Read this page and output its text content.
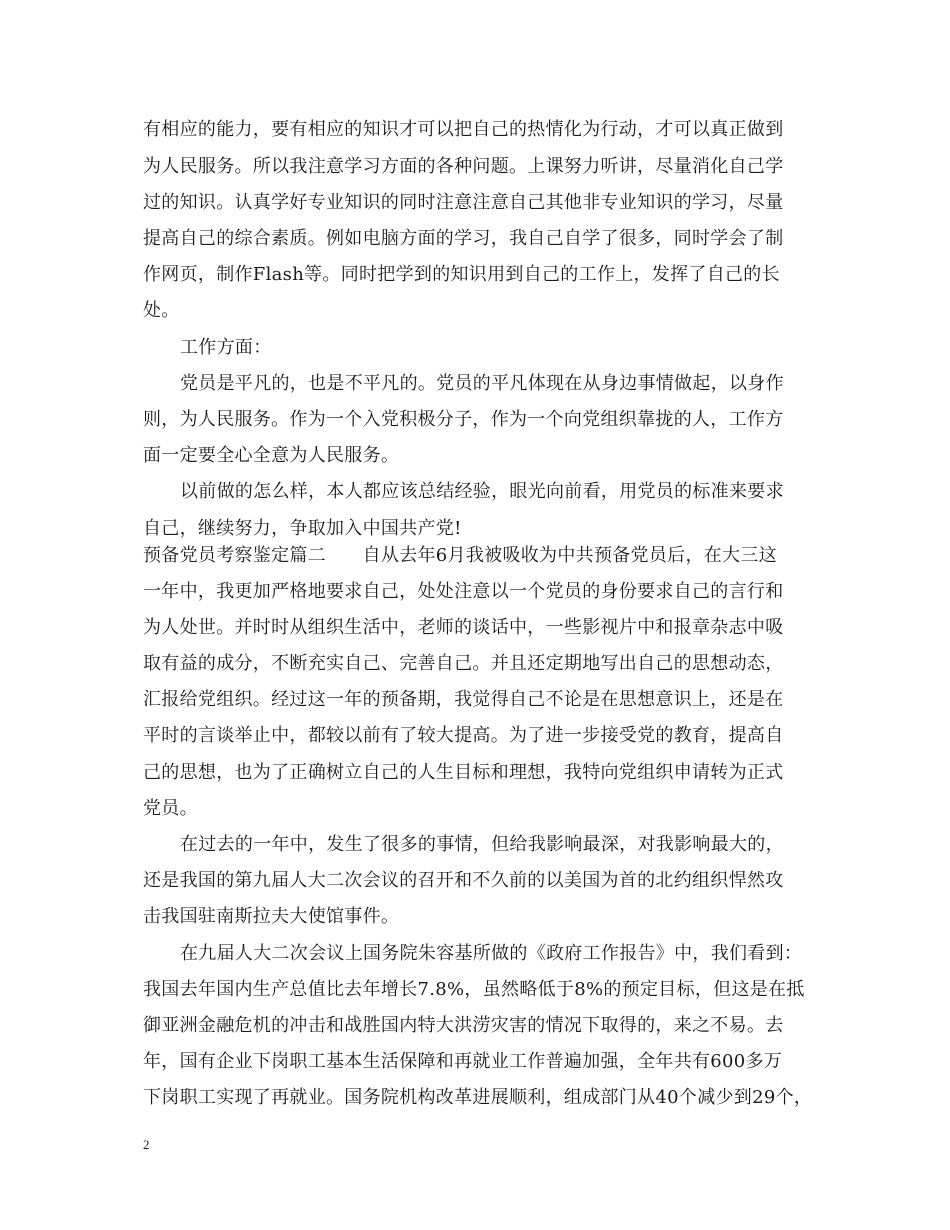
有相应的能力，要有相应的知识才可以把自己的热情化为行动，才可以真正做到
为人民服务。所以我注意学习方面的各种问题。上课努力听讲，尽量消化自己学
过的知识。认真学好专业知识的同时注意注意自己其他非专业知识的学习，尽量
提高自己的综合素质。例如电脑方面的学习，我自己自学了很多，同时学会了制
作网页，制作Flash等。同时把学到的知识用到自己的工作上，发挥了自己的长
处。
工作方面：
党员是平凡的，也是不平凡的。党员的平凡体现在从身边事情做起，以身作
则，为人民服务。作为一个入党积极分子，作为一个向党组织靠拢的人，工作方
面一定要全心全意为人民服务。
以前做的怎么样，本人都应该总结经验，眼光向前看，用党员的标准来要求
自己，继续努力，争取加入中国共产党!
预备党员考察鉴定篇二　　自从去年6月我被吸收为中共预备党员后，在大三这
一年中，我更加严格地要求自己，处处注意以一个党员的身份要求自己的言行和
为人处世。并时时从组织生活中，老师的谈话中，一些影视片中和报章杂志中吸
取有益的成分，不断充实自己、完善自己。并且还定期地写出自己的思想动态，
汇报给党组织。经过这一年的预备期，我觉得自己不论是在思想意识上，还是在
平时的言谈举止中，都较以前有了较大提高。为了进一步接受党的教育，提高自
己的思想，也为了正确树立自己的人生目标和理想，我特向党组织申请转为正式
党员。
在过去的一年中，发生了很多的事情，但给我影响最深，对我影响最大的，
还是我国的第九届人大二次会议的召开和不久前的以美国为首的北约组织悍然攻
击我国驻南斯拉夫大使馆事件。
在九届人大二次会议上国务院朱容基所做的《政府工作报告》中，我们看到：
我国去年国内生产总值比去年增长7.8%，虽然略低于8%的预定目标，但这是在抵
御亚洲金融危机的冲击和战胜国内特大洪涝灾害的情况下取得的，来之不易。去
年，国有企业下岗职工基本生活保障和再就业工作普遍加强，全年共有600多万
下岗职工实现了再就业。国务院机构改革进展顺利，组成部门从40个减少到29个，
2
